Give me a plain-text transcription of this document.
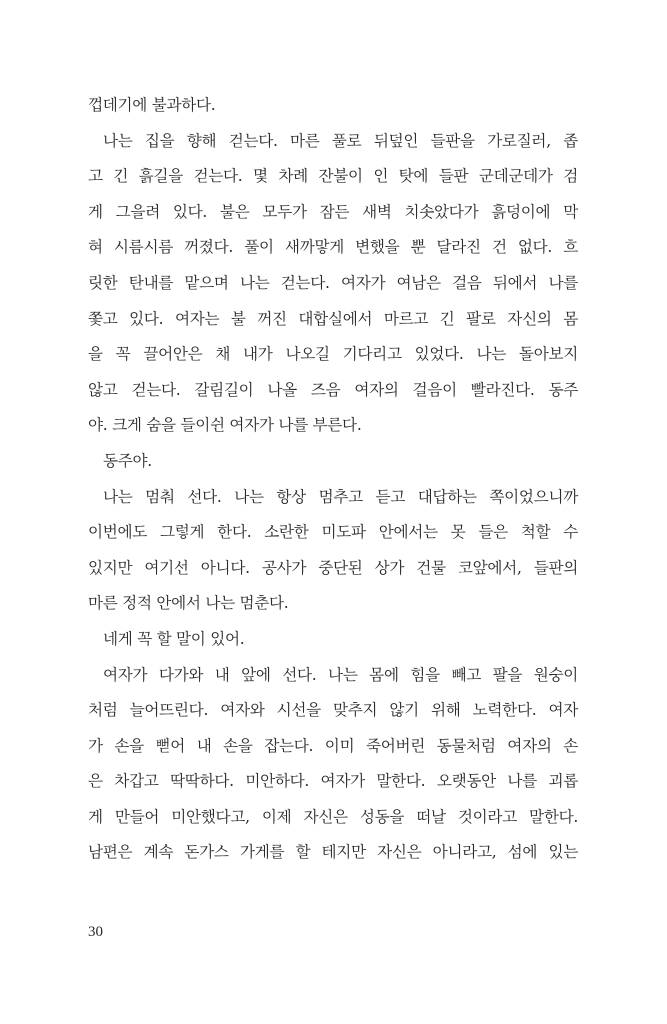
껍데기에 불과하다.
나는 집을 향해 걷는다. 마른 풀로 뒤덮인 들판을 가로질러, 좁
고 긴 흙길을 걷는다. 몇 차례 잔불이 인 탓에 들판 군데군데가 검
게 그을려 있다. 불은 모두가 잠든 새벽 치솟았다가 흙덩이에 막
혀 시름시름 꺼졌다. 풀이 새까맣게 변했을 뿐 달라진 건 없다. 흐
릿한 탄내를 맡으며 나는 걷는다. 여자가 여남은 걸음 뒤에서 나를
쫓고 있다. 여자는 불 꺼진 대합실에서 마르고 긴 팔로 자신의 몸
을 꼭 끌어안은 채 내가 나오길 기다리고 있었다. 나는 돌아보지
않고 걷는다. 갈림길이 나올 즈음 여자의 걸음이 빨라진다. 동주
야. 크게 숨을 들이쉰 여자가 나를 부른다.
동주야.
나는 멈춰 선다. 나는 항상 멈추고 듣고 대답하는 쪽이었으니까
이번에도 그렇게 한다. 소란한 미도파 안에서는 못 들은 척할 수
있지만 여기선 아니다. 공사가 중단된 상가 건물 코앞에서, 들판의
마른 정적 안에서 나는 멈춘다.
네게 꼭 할 말이 있어.
여자가 다가와 내 앞에 선다. 나는 몸에 힘을 빼고 팔을 원숭이
처럼 늘어뜨린다. 여자와 시선을 맞추지 않기 위해 노력한다. 여자
가 손을 뻗어 내 손을 잡는다. 이미 죽어버린 동물처럼 여자의 손
은 차갑고 딱딱하다. 미안하다. 여자가 말한다. 오랫동안 나를 괴롭
게 만들어 미안했다고, 이제 자신은 성동을 떠날 것이라고 말한다.
남편은 계속 돈가스 가게를 할 테지만 자신은 아니라고, 섬에 있는
30
